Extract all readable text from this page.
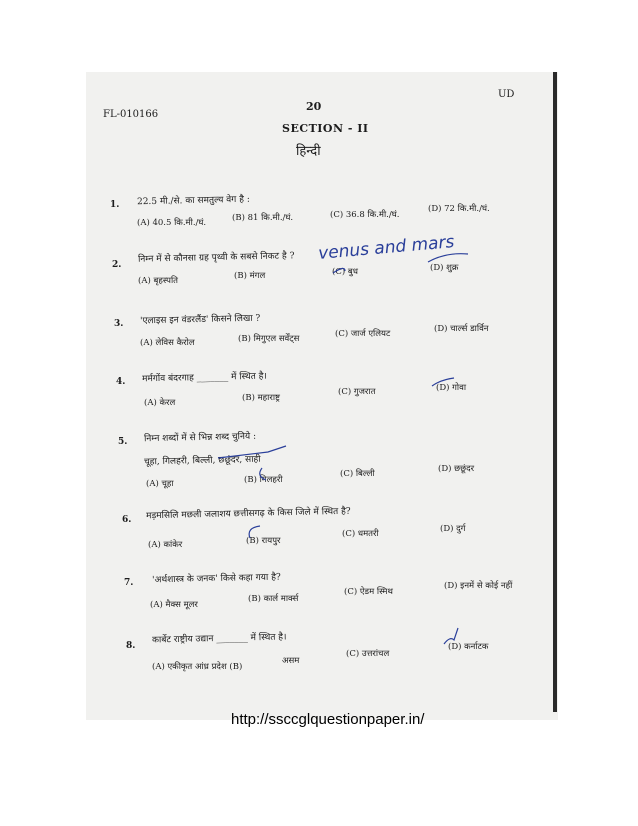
FL-010166
20
UD
SECTION - II
हिन्दी
1. 22.5 मी./से. का समतुल्य वेग है :
(A) 40.5 कि.मी./घं.	(B) 81 कि.मी./घं.	(C) 36.8 कि.मी./घं.
(D) 72 कि.मी./घं.
2.
निम्न में से कौनसा ग्रह पृथ्वी के सबसे निकट है ?
(A) बृहस्पति	(B) मंगल	(C) बुध	(D) शुक्र
venus and mars
3. 'एलाइस इन वंडरलैंड' किसने लिखा ?
(A) लेविस कैरोल	(B) मिगुएल सर्वेंट्स	(C) जार्ज एलियट	(D) चार्ल्स डार्विन
4. मर्मगोंव बंदरगाह _______ में स्थित है।
(A) केरल	(B) महाराष्ट्र
(C) गुजरात	(D) गोवा
5. निम्न शब्दों में से भिन्न शब्द चुनिये :
चूहा, गिलहरी, बिल्ली, छछूंदर, साही
(A) चूहा	(B) गिलहरी
(C) बिल्ली	(D) छछूंदर
6. मड़मसिलि मछली जलाशय छत्तीसगढ़ के किस जिले में स्थित है?
(A) कांकेर	(B) रायपुर
(C) धमतरी	(D) दुर्ग
7. 'अर्थशास्त्र के जनक' किसे कहा गया है?
(A) मैक्स मूलर
(B) कार्ल मार्क्स
(C) ऐडम स्मिथ
(D) इनमें से कोई नहीं
8.
कार्बेट राष्ट्रीय उद्यान _______ में स्थित है।
(A) एकीकृत आंध्र प्रदेश (B)
असम
(C) उत्तरांचल
(D) कर्नाटक
http://ssccglquestionpaper.in/
